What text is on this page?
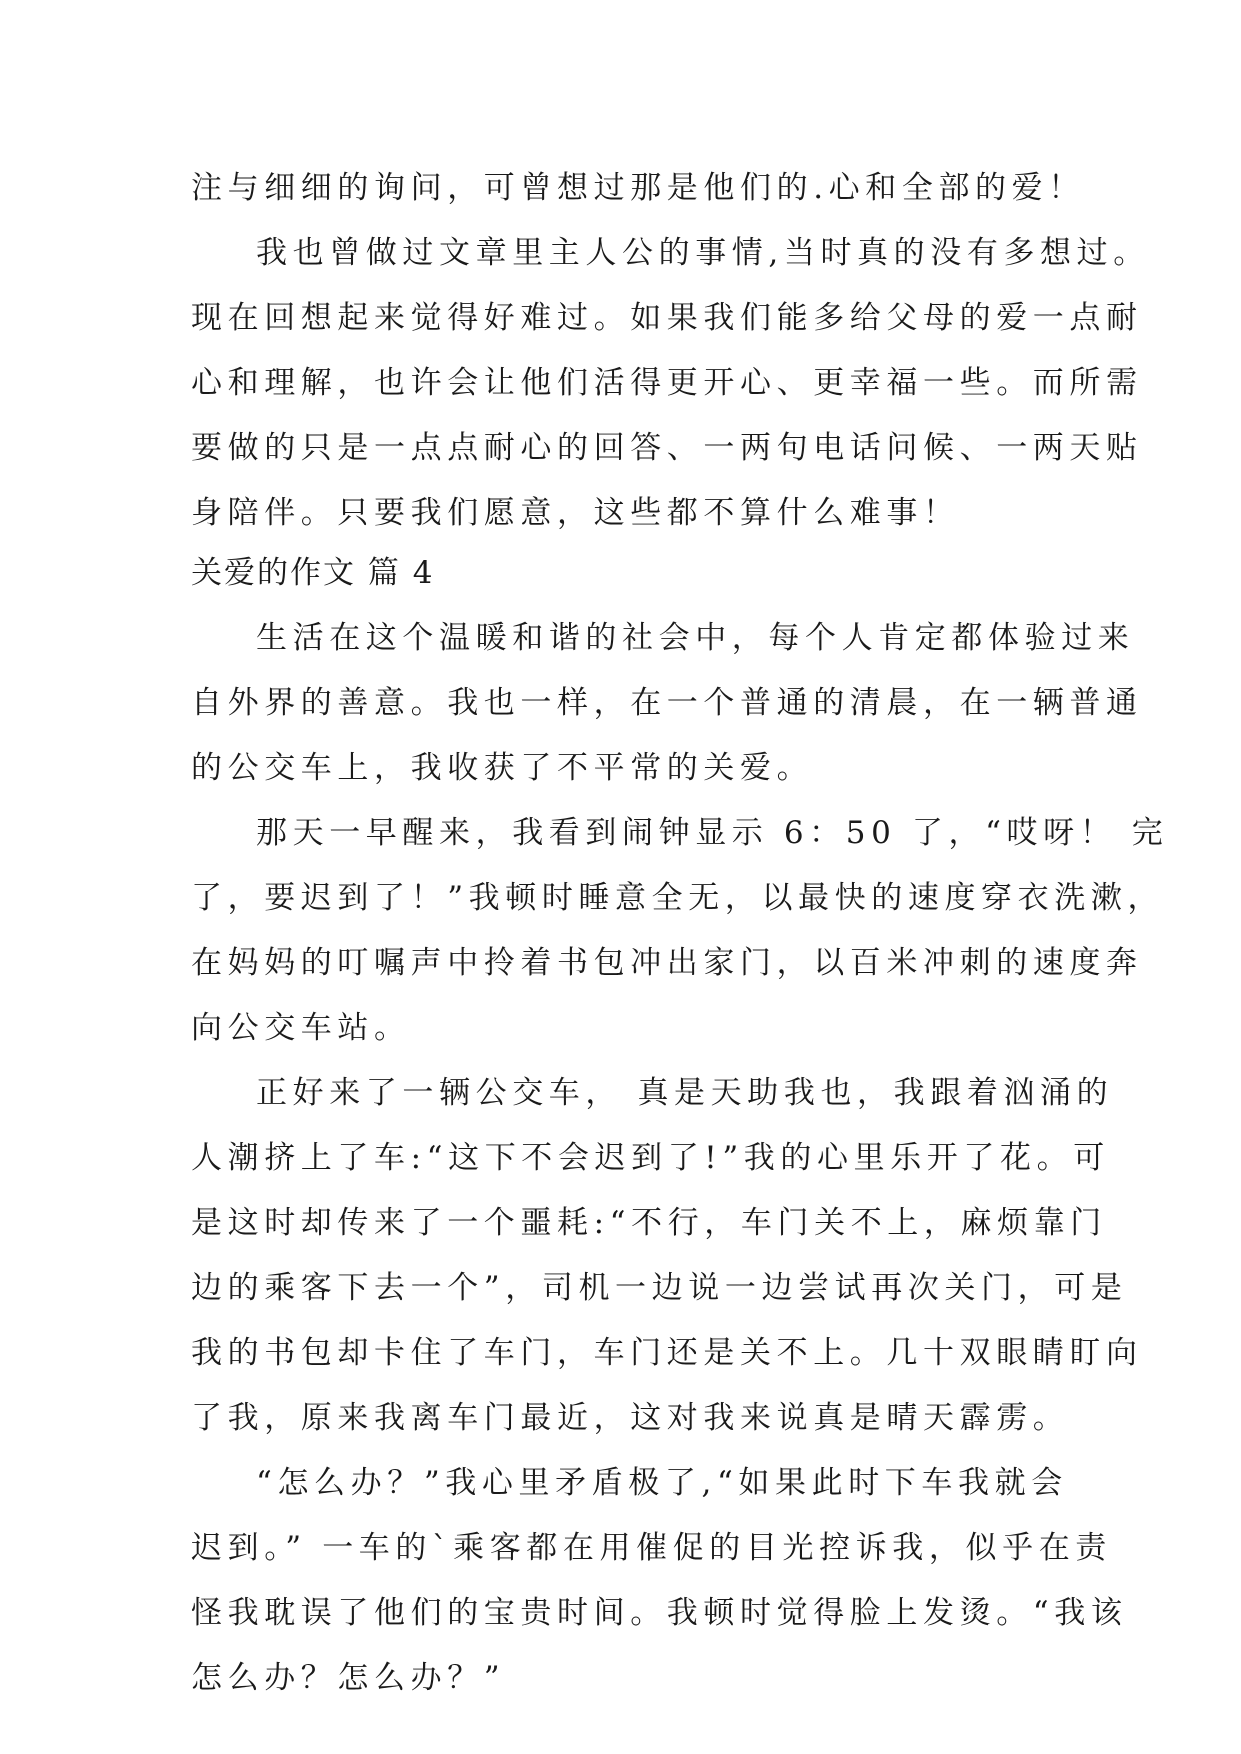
注与细细的询问，可曾想过那是他们的.心和全部的爱！
我也曾做过文章里主人公的事情,当时真的没有多想过。
现在回想起来觉得好难过。如果我们能多给父母的爱一点耐
心和理解，也许会让他们活得更开心、更幸福一些。而所需
要做的只是一点点耐心的回答、一两句电话问候、一两天贴
身陪伴。只要我们愿意，这些都不算什么难事！
关爱的作文 篇 4
生活在这个温暖和谐的社会中，每个人肯定都体验过来
自外界的善意。我也一样，在一个普通的清晨，在一辆普通
的公交车上，我收获了不平常的关爱。
那天一早醒来，我看到闹钟显示 6：50 了，“哎呀！ 完
了，要迟到了！”我顿时睡意全无，以最快的速度穿衣洗漱，
在妈妈的叮嘱声中拎着书包冲出家门，以百米冲刺的速度奔
向公交车站。
正好来了一辆公交车， 真是天助我也，我跟着汹涌的
人潮挤上了车:“这下不会迟到了!”我的心里乐开了花。可
是这时却传来了一个噩耗:“不行，车门关不上，麻烦靠门
边的乘客下去一个”，司机一边说一边尝试再次关门，可是
我的书包却卡住了车门，车门还是关不上。几十双眼睛盯向
了我，原来我离车门最近，这对我来说真是晴天霹雳。
“怎么办？”我心里矛盾极了,“如果此时下车我就会
迟到。” 一车的`乘客都在用催促的目光控诉我，似乎在责
怪我耽误了他们的宝贵时间。我顿时觉得脸上发烫。“我该
怎么办？怎么办？”
